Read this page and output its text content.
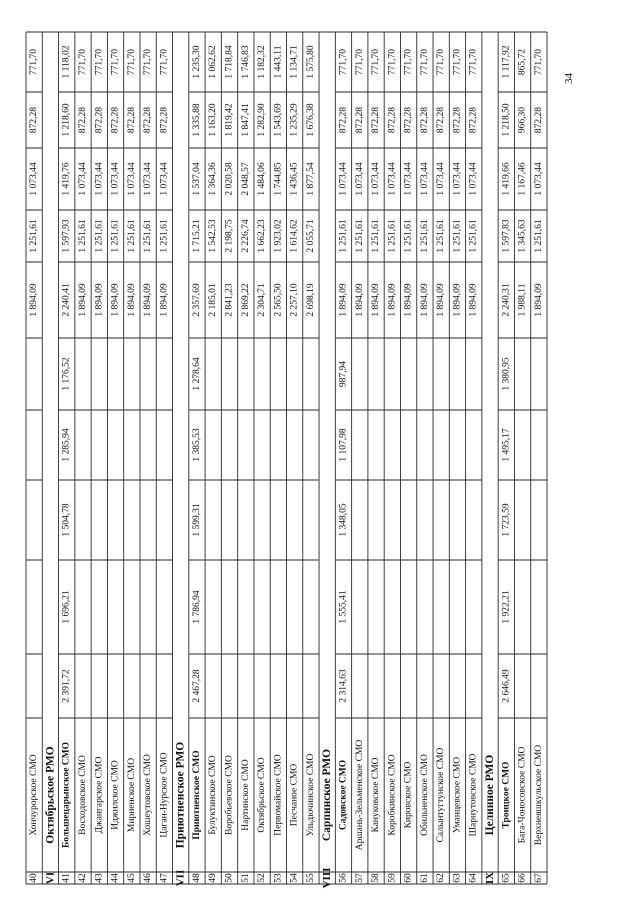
40
Хончурорское СМО
1 894,09
1 251,61
1 073,44
872,28
771,70
VI
Октябрьское РМО
41
Большецарынское СМО
2 391,72
1 696,21
1 504,78
1 285,94
1 176,52
2 240,41
1 597,93
1 419,76
1 218,60
1 118,02
42
Восходовское СМО
1 894,09
1 251,61
1 073,44
872,28
771,70
43
Джангарское СМО
1 894,09
1 251,61
1 073,44
872,28
771,70
44
Иджилское СМО
1 894,09
1 251,61
1 073,44
872,28
771,70
45
Мирненское СМО
1 894,09
1 251,61
1 073,44
872,28
771,70
46
Хошеутовское СМО
1 894,09
1 251,61
1 073,44
872,28
771,70
47
Цаган-Нурское СМО
1 894,09
1 251,61
1 073,44
872,28
771,70
VII
Приютненское РМО
48
Приютненское СМО
2 467,28
1 786,94
1 599,31
1 385,53
1 278,64
2 357,69
1 715,21
1 537,04
1 335,88
1 235,30
49
Булуктинское СМО
2 185,01
1 542,53
1 364,36
1 163,20
1 062,62
50
Воробьевское СМО
2 841,23
2 198,75
2 020,58
1 819,42
1 718,84
51
Нартинское СМО
2 869,22
2 226,74
2 048,57
1 847,41
1 746,83
52
Октябрьское СМО
2 304,71
1 662,23
1 484,06
1 282,90
1 182,32
53
Первомайское СМО
2 565,50
1 923,02
1 744,85
1 543,69
1 443,11
54
Песчаное СМО
2 257,10
1 614,62
1 436,45
1 235,29
1 134,71
55
Ульдючинское СМО
2 698,19
2 055,71
1 877,54
1 676,38
1 575,80
VIII
Сарпинское РМО
56
Садовское СМО
2 314,63
1 555,41
1 348,05
1 107,98
987,94
1 894,09
1 251,61
1 073,44
872,28
771,70
57
Аршань-Зельменское СМО
1 894,09
1 251,61
1 073,44
872,28
771,70
58
Кануковское СМО
1 894,09
1 251,61
1 073,44
872,28
771,70
59
Коробкинское СМО
1 894,09
1 251,61
1 073,44
872,28
771,70
60
Кировское СМО
1 894,09
1 251,61
1 073,44
872,28
771,70
61
Обильненское СМО
1 894,09
1 251,61
1 073,44
872,28
771,70
62
Салынтугтунское СМО
1 894,09
1 251,61
1 073,44
872,28
771,70
63
Уманцевское СМО
1 894,09
1 251,61
1 073,44
872,28
771,70
64
Шарнутовское СМО
1 894,09
1 251,61
1 073,44
872,28
771,70
IX
Целинное РМО
65
Троицкое СМО
2 646,49
1 922,21
1 723,59
1 495,17
1 380,95
2 240,31
1 597,83
1 419,66
1 218,50
1 117,92
66
Бага-Чоносовское СМО
1 988,11
1 345,63
1 167,46
966,30
865,72
67
Верхнеяшкульское СМО
1 894,09
1 251,61
1 073,44
872,28
771,70
34
